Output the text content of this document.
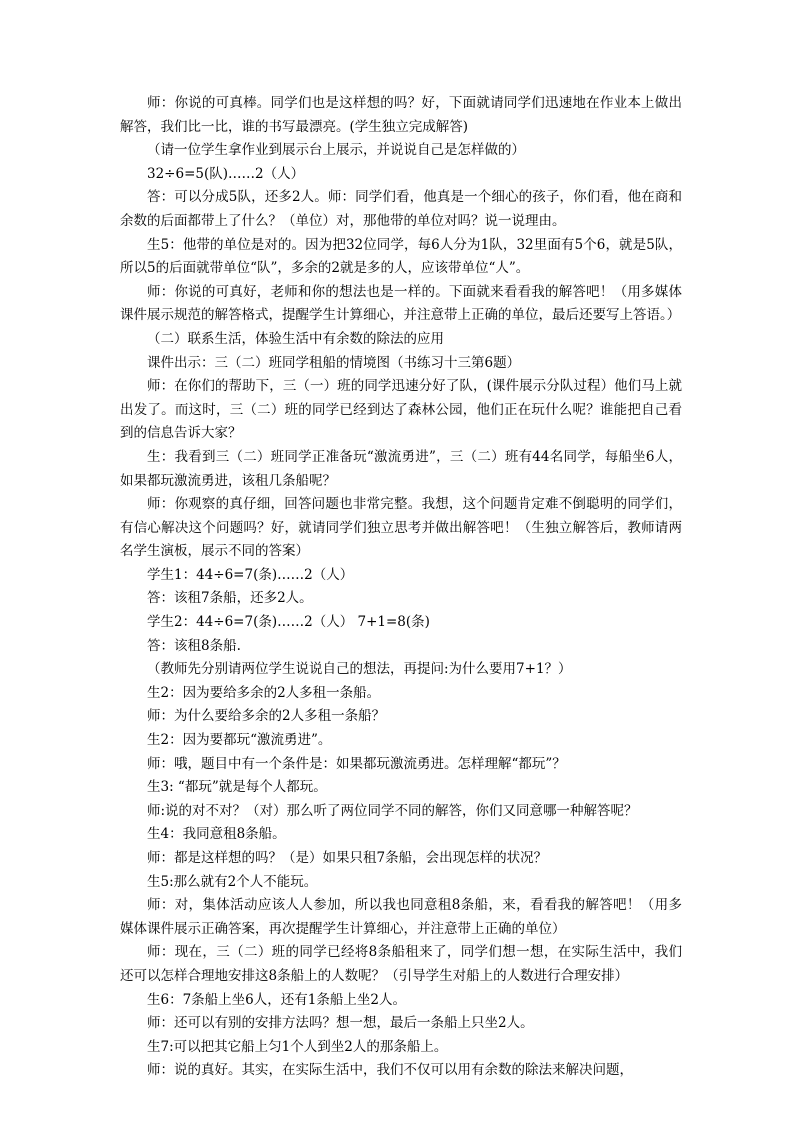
师：你说的可真棒。同学们也是这样想的吗？好，下面就请同学们迅速地在作业本上做出解答，我们比一比，谁的书写最漂亮。(学生独立完成解答)

（请一位学生拿作业到展示台上展示，并说说自己是怎样做的）

32÷6=5(队)……2（人）

答：可以分成5队，还多2人。师：同学们看，他真是一个细心的孩子，你们看，他在商和余数的后面都带上了什么？（单位）对，那他带的单位对吗？说一说理由。

生5：他带的单位是对的。因为把32位同学，每6人分为1队，32里面有5个6，就是5队，所以5的后面就带单位“队”，多余的2就是多的人，应该带单位“人”。

师：你说的可真好，老师和你的想法也是一样的。下面就来看看我的解答吧！（用多媒体课件展示规范的解答格式，提醒学生计算细心，并注意带上正确的单位，最后还要写上答语。）

（二）联系生活，体验生活中有余数的除法的应用

课件出示：三（二）班同学租船的情境图（书练习十三第6题）

师：在你们的帮助下，三（一）班的同学迅速分好了队，(课件展示分队过程）他们马上就出发了。而这时，三（二）班的同学已经到达了森林公园，他们正在玩什么呢？谁能把自己看到的信息告诉大家？

生：我看到三（二）班同学正准备玩“激流勇进”，三（二）班有44名同学，每船坐6人，如果都玩激流勇进，该租几条船呢？

师：你观察的真仔细，回答问题也非常完整。我想，这个问题肯定难不倒聪明的同学们，有信心解决这个问题吗？好，就请同学们独立思考并做出解答吧！（生独立解答后，教师请两名学生演板，展示不同的答案）

学生1：44÷6=7(条)……2（人）

答：该租7条船，还多2人。

学生2：44÷6=7(条)……2（人） 7+1=8(条)

答：该租8条船.

（教师先分别请两位学生说说自己的想法，再提问:为什么要用7+1？）

生2：因为要给多余的2人多租一条船。

师：为什么要给多余的2人多租一条船？

生2：因为要都玩“激流勇进”。

师：哦，题目中有一个条件是：如果都玩激流勇进。怎样理解“都玩”？

生3: “都玩”就是每个人都玩。

师:说的对不对？（对）那么听了两位同学不同的解答，你们又同意哪一种解答呢？

生4：我同意租8条船。

师：都是这样想的吗？（是）如果只租7条船，会出现怎样的状况？

生5:那么就有2个人不能玩。

师：对，集体活动应该人人参加，所以我也同意租8条船，来，看看我的解答吧！（用多媒体课件展示正确答案，再次提醒学生计算细心，并注意带上正确的单位）

师：现在，三（二）班的同学已经将8条船租来了，同学们想一想，在实际生活中，我们还可以怎样合理地安排这8条船上的人数呢？（引导学生对船上的人数进行合理安排）

生6：7条船上坐6人，还有1条船上坐2人。

师：还可以有别的安排方法吗？想一想，最后一条船上只坐2人。

生7:可以把其它船上匀1个人到坐2人的那条船上。

师：说的真好。其实，在实际生活中，我们不仅可以用有余数的除法来解决问题，
